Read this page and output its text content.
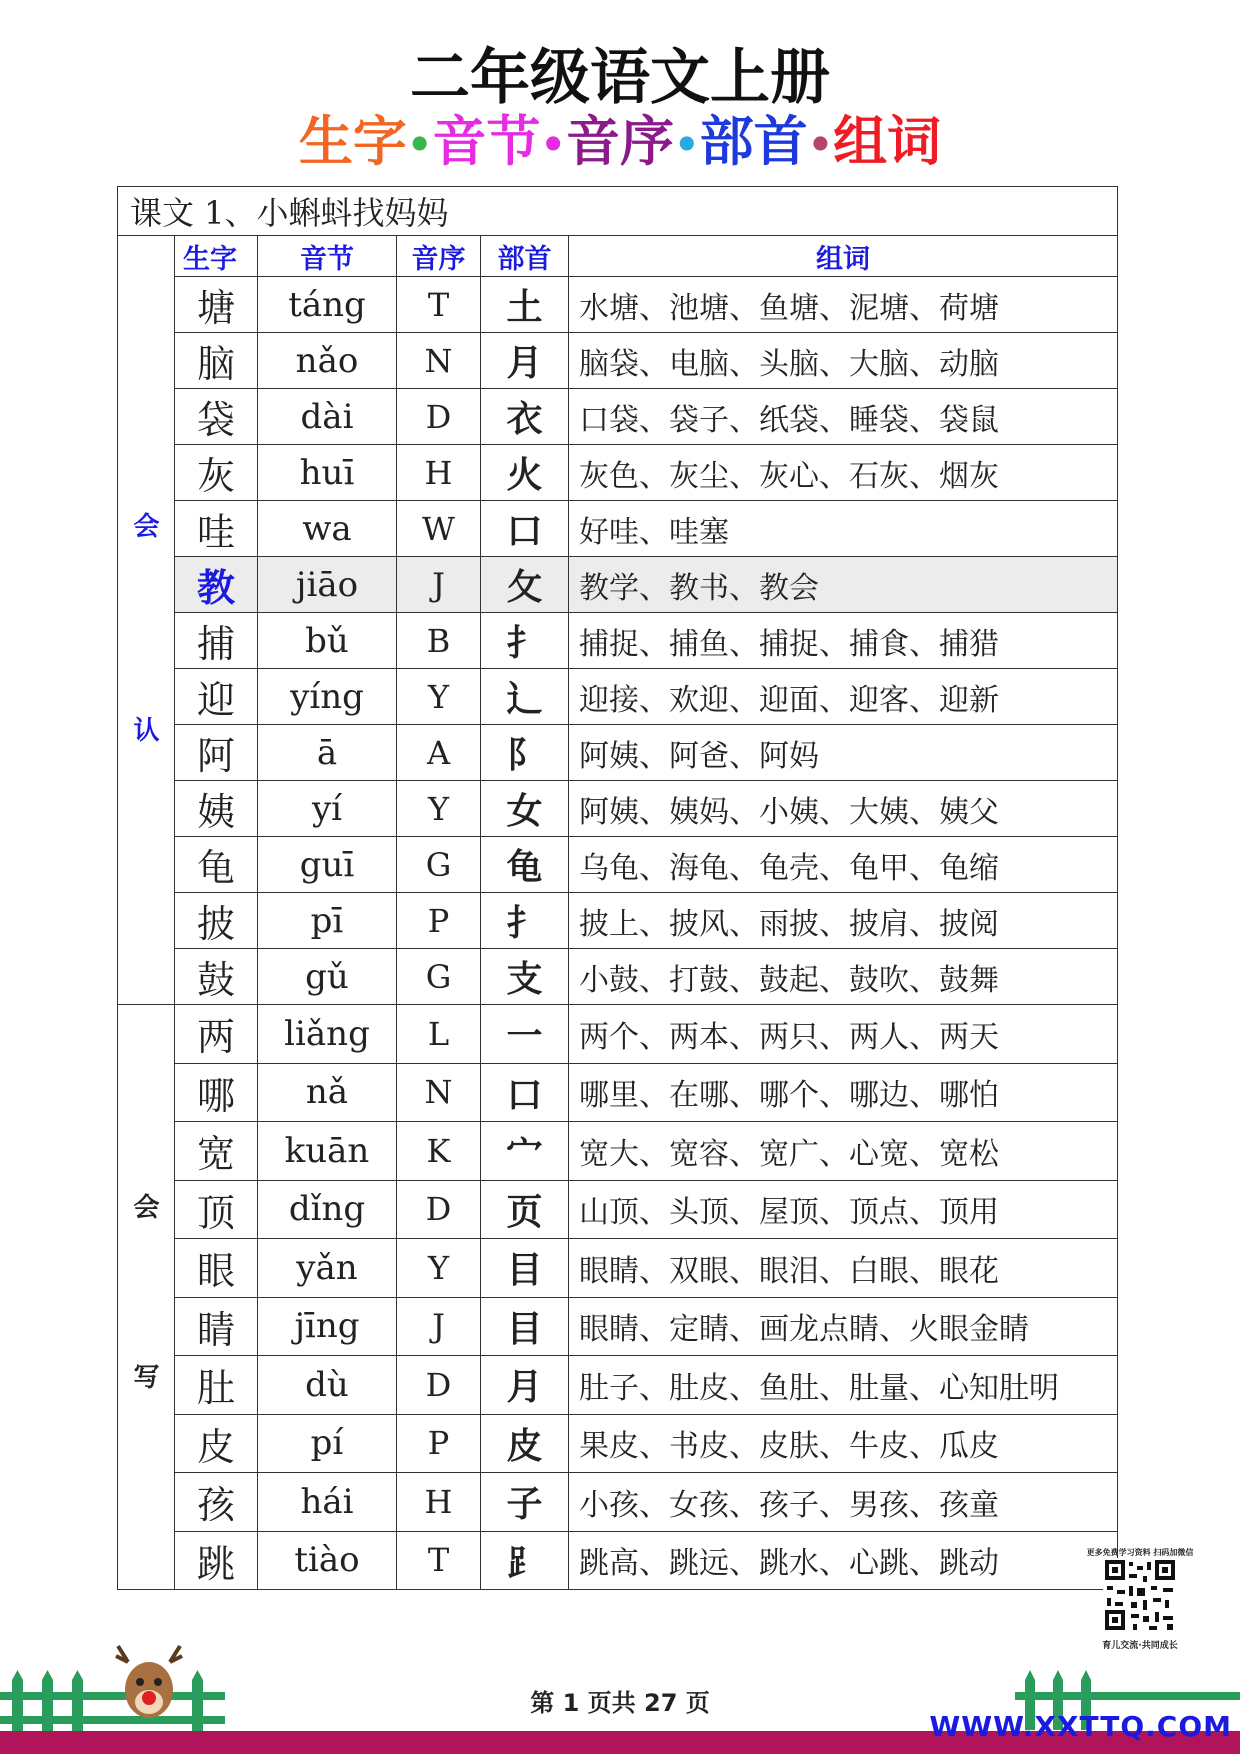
二年级语文上册
生字•音节•音序•部首•组词
课文 1、小蝌蚪找妈妈					

会
认	生字	音节	音序	部首	组词
	塘	táng	T	土	水塘、池塘、鱼塘、泥塘、荷塘
	脑	nǎo	N	月	脑袋、电脑、头脑、大脑、动脑
	袋	dài	D	衣	口袋、袋子、纸袋、睡袋、袋鼠
	灰	huī	H	火	灰色、灰尘、灰心、石灰、烟灰
	哇	wa	W	口	好哇、哇塞
	教	jiāo	J	攵	教学、教书、教会
	捕	bǔ	B	扌	捕捉、捕鱼、捕捉、捕食、捕猎
	迎	yíng	Y	辶	迎接、欢迎、迎面、迎客、迎新
	阿	ā	A	阝	阿姨、阿爸、阿妈
	姨	yí	Y	女	阿姨、姨妈、小姨、大姨、姨父
	龟	guī	G	龟	乌龟、海龟、龟壳、龟甲、龟缩
	披	pī	P	扌	披上、披风、雨披、披肩、披阅
	鼓	gǔ	G	支	小鼓、打鼓、鼓起、鼓吹、鼓舞

会
写	两	liǎng	L	一	两个、两本、两只、两人、两天
	哪	nǎ	N	口	哪里、在哪、哪个、哪边、哪怕
	宽	kuān	K	宀	宽大、宽容、宽广、心宽、宽松
	顶	dǐng	D	页	山顶、头顶、屋顶、顶点、顶用
	眼	yǎn	Y	目	眼睛、双眼、眼泪、白眼、眼花
	睛	jīng	J	目	眼睛、定睛、画龙点睛、火眼金睛
	肚	dù	D	月	肚子、肚皮、鱼肚、肚量、心知肚明
	皮	pí	P	皮	果皮、书皮、皮肤、牛皮、瓜皮
	孩	hái	H	子	小孩、女孩、孩子、男孩、孩童
	跳	tiào	T	⻊	跳高、跳远、跳水、心跳、跳动
第 1 页共 27 页
更多免费学习资料 扫码加微信
育儿交流·共同成长
WWW.XXTTQ.COM
